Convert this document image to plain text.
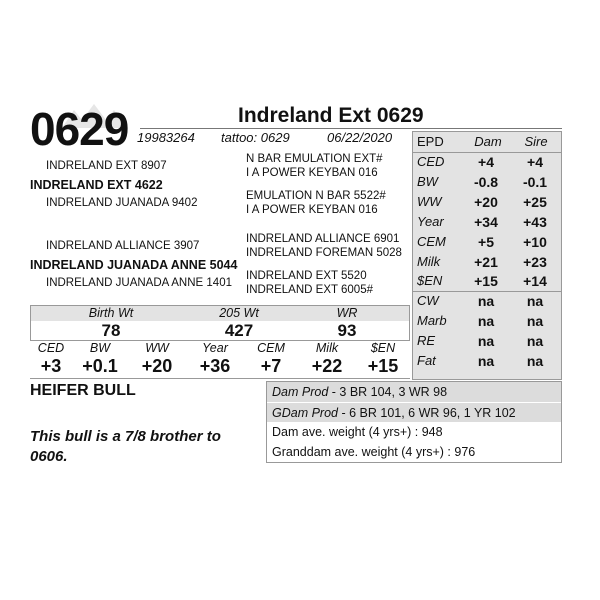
0629	Indreland Ext 0629
19983264 tattoo: 0629	06/22/2020
INDRELAND EXT 8907
INDRELAND EXT 4622
INDRELAND JUANADA 9402
INDRELAND ALLIANCE 3907
INDRELAND JUANADA ANNE 5044
INDRELAND JUANADA ANNE 1401
N BAR EMULATION EXT#
I A POWER KEYBAN 016
EMULATION N BAR 5522#
I A POWER KEYBAN 016
INDRELAND ALLIANCE 6901
INDRELAND FOREMAN 5028
INDRELAND EXT 5520
INDRELAND EXT 6005#
EPD	Dam	Sire
CED	+4	+4
BW	-0.8	-0.1
WW	+20	+25
Year	+34	+43
CEM	+5	+10
Milk	+21	+23
$EN	+15	+14
CW	na	na
Marb	na	na
RE	na	na
Fat	na	na
Birth Wt	205 Wt	WR
78	427	93
CED	BW	WW	Year	CEM	Milk	$EN
+3	+0.1	+20	+36	+7	+22	+15
HEIFER BULL
This bull is a 7/8 brother to 0606.
Dam Prod - 3 BR 104, 3 WR 98
GDam Prod - 6 BR 101, 6 WR 96, 1 YR 102
Dam ave. weight (4 yrs+) : 948
Granddam ave. weight (4 yrs+) : 976
